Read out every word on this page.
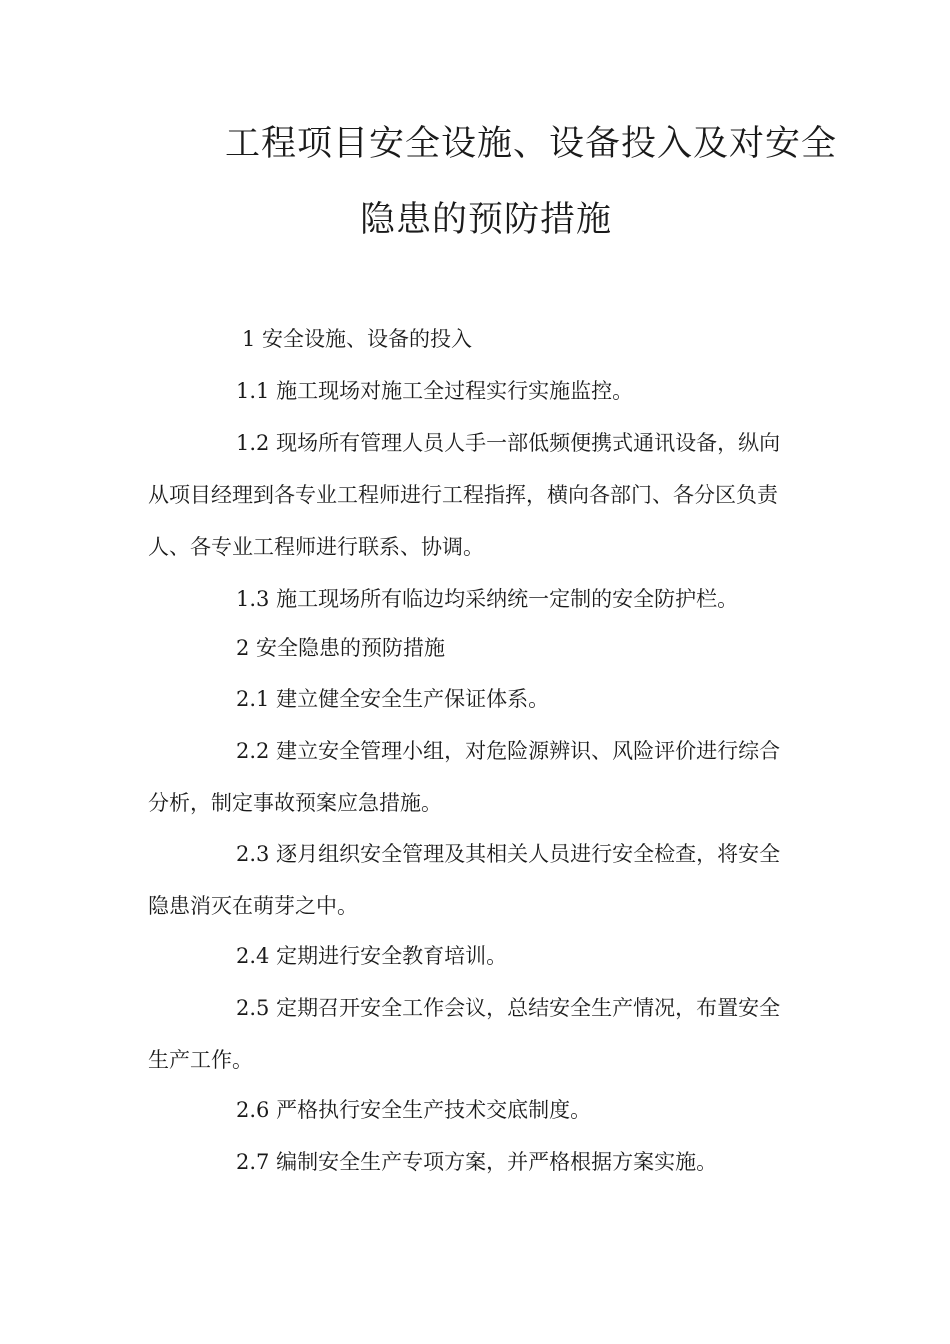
工程项目安全设施、设备投入及对安全
隐患的预防措施

1 安全设施、设备的投入

1.1 施工现场对施工全过程实行实施监控。

1.2 现场所有管理人员人手一部低频便携式通讯设备，纵向从项目经理到各专业工程师进行工程指挥，横向各部门、各分区负责人、各专业工程师进行联系、协调。

1.3 施工现场所有临边均采纳统一定制的安全防护栏。

2 安全隐患的预防措施

2.1 建立健全安全生产保证体系。

2.2 建立安全管理小组，对危险源辨识、风险评价进行综合分析，制定事故预案应急措施。

2.3 逐月组织安全管理及其相关人员进行安全检查，将安全隐患消灭在萌芽之中。

2.4 定期进行安全教育培训。

2.5 定期召开安全工作会议，总结安全生产情况，布置安全生产工作。

2.6 严格执行安全生产技术交底制度。

2.7 编制安全生产专项方案，并严格根据方案实施。
